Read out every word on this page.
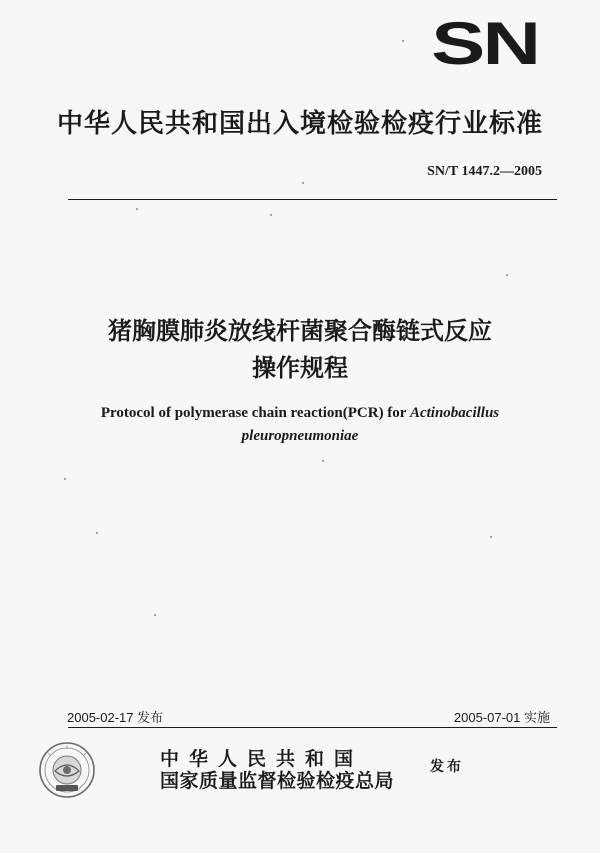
SN
中华人民共和国出入境检验检疫行业标准
SN/T 1447.2—2005
猪胸膜肺炎放线杆菌聚合酶链式反应
操作规程
Protocol of polymerase chain reaction(PCR) for Actinobacillus
pleuropneumoniae
2005-02-17 发布	2005-07-01 实施
中华人民共和国
国家质量监督检验检疫总局
发布
